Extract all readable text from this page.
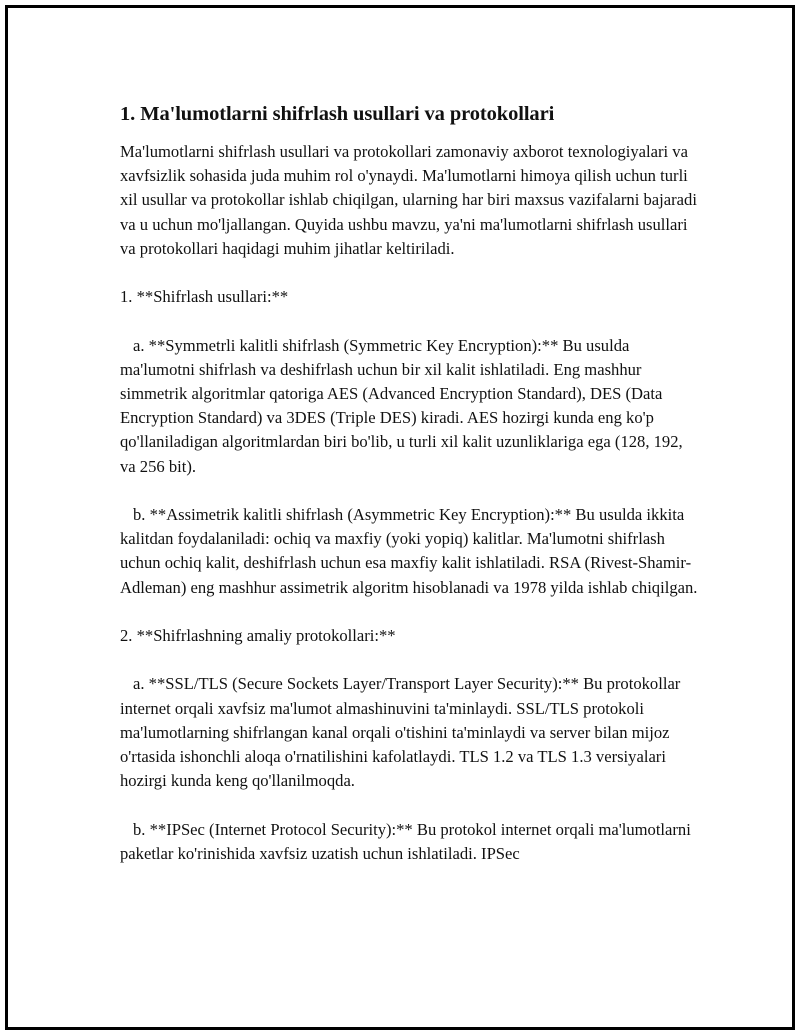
1. Ma'lumotlarni shifrlash usullari va protokollari

Ma'lumotlarni shifrlash usullari va protokollari zamonaviy axborot texnologiyalari va xavfsizlik sohasida juda muhim rol o'ynaydi. Ma'lumotlarni himoya qilish uchun turli xil usullar va protokollar ishlab chiqilgan, ularning har biri maxsus vazifalarni bajaradi va u uchun mo'ljallangan. Quyida ushbu mavzu, ya'ni ma'lumotlarni shifrlash usullari va protokollari haqidagi muhim jihatlar keltiriladi.

1. **Shifrlash usullari:**

a. **Symmetrli kalitli shifrlash (Symmetric Key Encryption):** Bu usulda ma'lumotni shifrlash va deshifrlash uchun bir xil kalit ishlatiladi. Eng mashhur simmetrik algoritmlar qatoriga AES (Advanced Encryption Standard), DES (Data Encryption Standard) va 3DES (Triple DES) kiradi. AES hozirgi kunda eng ko'p qo'llaniladigan algoritmlardan biri bo'lib, u turli xil kalit uzunliklariga ega (128, 192, va 256 bit).

b. **Assimetrik kalitli shifrlash (Asymmetric Key Encryption):** Bu usulda ikkita kalitdan foydalaniladi: ochiq va maxfiy (yoki yopiq) kalitlar. Ma'lumotni shifrlash uchun ochiq kalit, deshifrlash uchun esa maxfiy kalit ishlatiladi. RSA (Rivest-Shamir-Adleman) eng mashhur assimetrik algoritm hisoblanadi va 1978 yilda ishlab chiqilgan.

2. **Shifrlashning amaliy protokollari:**

a. **SSL/TLS (Secure Sockets Layer/Transport Layer Security):** Bu protokollar internet orqali xavfsiz ma'lumot almashinuvini ta'minlaydi. SSL/TLS protokoli ma'lumotlarning shifrlangan kanal orqali o'tishini ta'minlaydi va server bilan mijoz o'rtasida ishonchli aloqa o'rnatilishini kafolatlaydi. TLS 1.2 va TLS 1.3 versiyalari hozirgi kunda keng qo'llanilmoqda.

b. **IPSec (Internet Protocol Security):** Bu protokol internet orqali ma'lumotlarni paketlar ko'rinishida xavfsiz uzatish uchun ishlatiladi. IPSec
